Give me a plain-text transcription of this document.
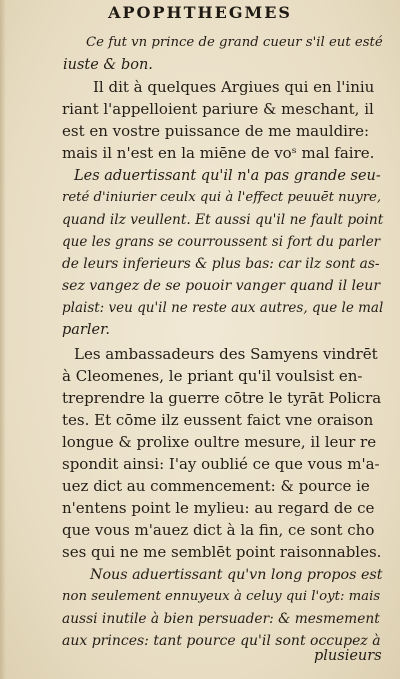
APOPHTHEGMES
Ce fut vn prince de grand cueur s'il eut esté
iuste & bon.
Il dit à quelques Argiues qui en l'iniu
riant l'appelloient pariure & meschant, il
est en vostre puissance de me mauldire:
mais il n'est en la miēne de voˢ mal faire.
Les aduertissant qu'il n'a pas grande seu-
reté d'iniurier ceulx qui à l'effect peuuēt nuyre,
quand ilz veullent. Et aussi qu'il ne fault point
que les grans se courroussent si fort du parler
de leurs inferieurs & plus bas: car ilz sont as-
sez vangez de se pouoir vanger quand il leur
plaist: veu qu'il ne reste aux autres, que le mal
parler.
Les ambassadeurs des Samyens vindrēt
à Cleomenes, le priant qu'il voulsist en-
treprendre la guerre cōtre le tyrāt Policra
tes. Et cōme ilz eussent faict vne oraison
longue & prolixe oultre mesure, il leur re
spondit ainsi: I'ay oublié ce que vous m'a-
uez dict au commencement: & pource ie
n'entens point le mylieu: au regard de ce
que vous m'auez dict à la fin, ce sont cho
ses qui ne me semblēt point raisonnables.
Nous aduertissant qu'vn long propos est
non seulement ennuyeux à celuy qui l'oyt: mais
aussi inutile à bien persuader: & mesmement
aux princes: tant pource qu'il sont occupez à
plusieurs
